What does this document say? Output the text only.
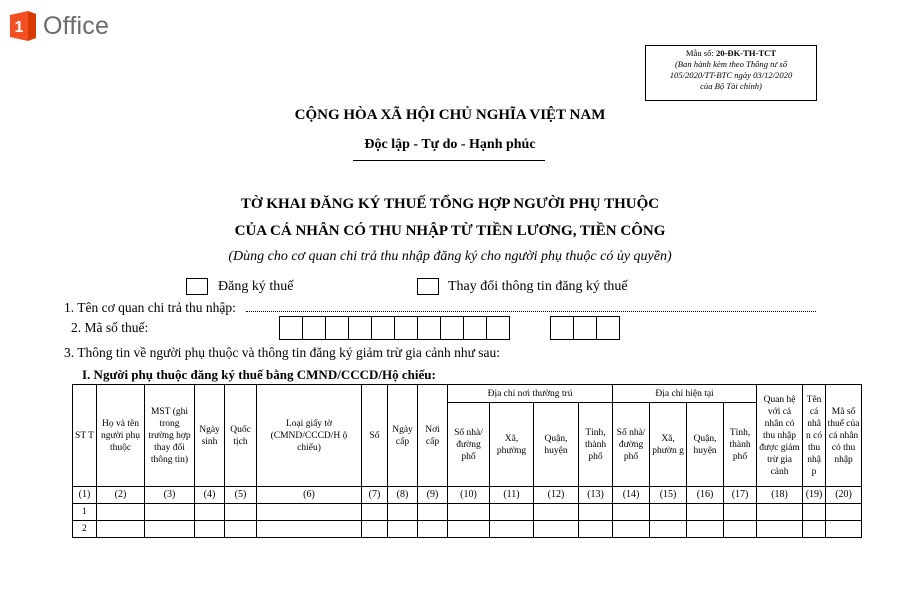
1 Office
Mẫu số: 20-ĐK-TH-TCT
(Ban hành kèm theo Thông tư số
105/2020/TT-BTC ngày 03/12/2020
của Bộ Tài chính)
CỘNG HÒA XÃ HỘI CHỦ NGHĨA VIỆT NAM
Độc lập - Tự do - Hạnh phúc
TỜ KHAI ĐĂNG KÝ THUẾ TỔNG HỢP NGƯỜI PHỤ THUỘC
CỦA CÁ NHÂN CÓ THU NHẬP TỪ TIỀN LƯƠNG, TIỀN CÔNG
(Dùng cho cơ quan chi trả thu nhập đăng ký cho người phụ thuộc có ủy quyền)
Đăng ký thuế	Thay đổi thông tin đăng ký thuế
1. Tên cơ quan chi trả thu nhập:
2. Mã số thuế:
3. Thông tin về người phụ thuộc và thông tin đăng ký giảm trừ gia cảnh như sau:
I. Người phụ thuộc đăng ký thuế bằng CMND/CCCD/Hộ chiếu:
ST T	Họ và tên người phụ thuộc	MST (ghi trong trường hợp thay đổi thông tin)	Ngày sinh	Quốc tịch	Loại giấy tờ (CMND/CCCD/H ộ chiếu)	Số	Ngày cấp	Nơi cấp	Địa chỉ nơi thường trú				Địa chỉ hiện tại				Quan hệ với cá nhân có thu nhập được giảm trừ gia cảnh	Tên cá nhâ n có thu nhậ p	Mã số thuế của cá nhân có thu nhập
									Số nhà/ đường phố	Xã, phường	Quận, huyện	Tỉnh, thành phố	Số nhà/ đường phố	Xã, phườn g	Quận, huyện	Tỉnh, thành phố			
(1)	(2)	(3)	(4)	(5)	(6)	(7)	(8)	(9)	(10)	(11)	(12)	(13)	(14)	(15)	(16)	(17)	(18)	(19)	(20)
1																			
2																			
